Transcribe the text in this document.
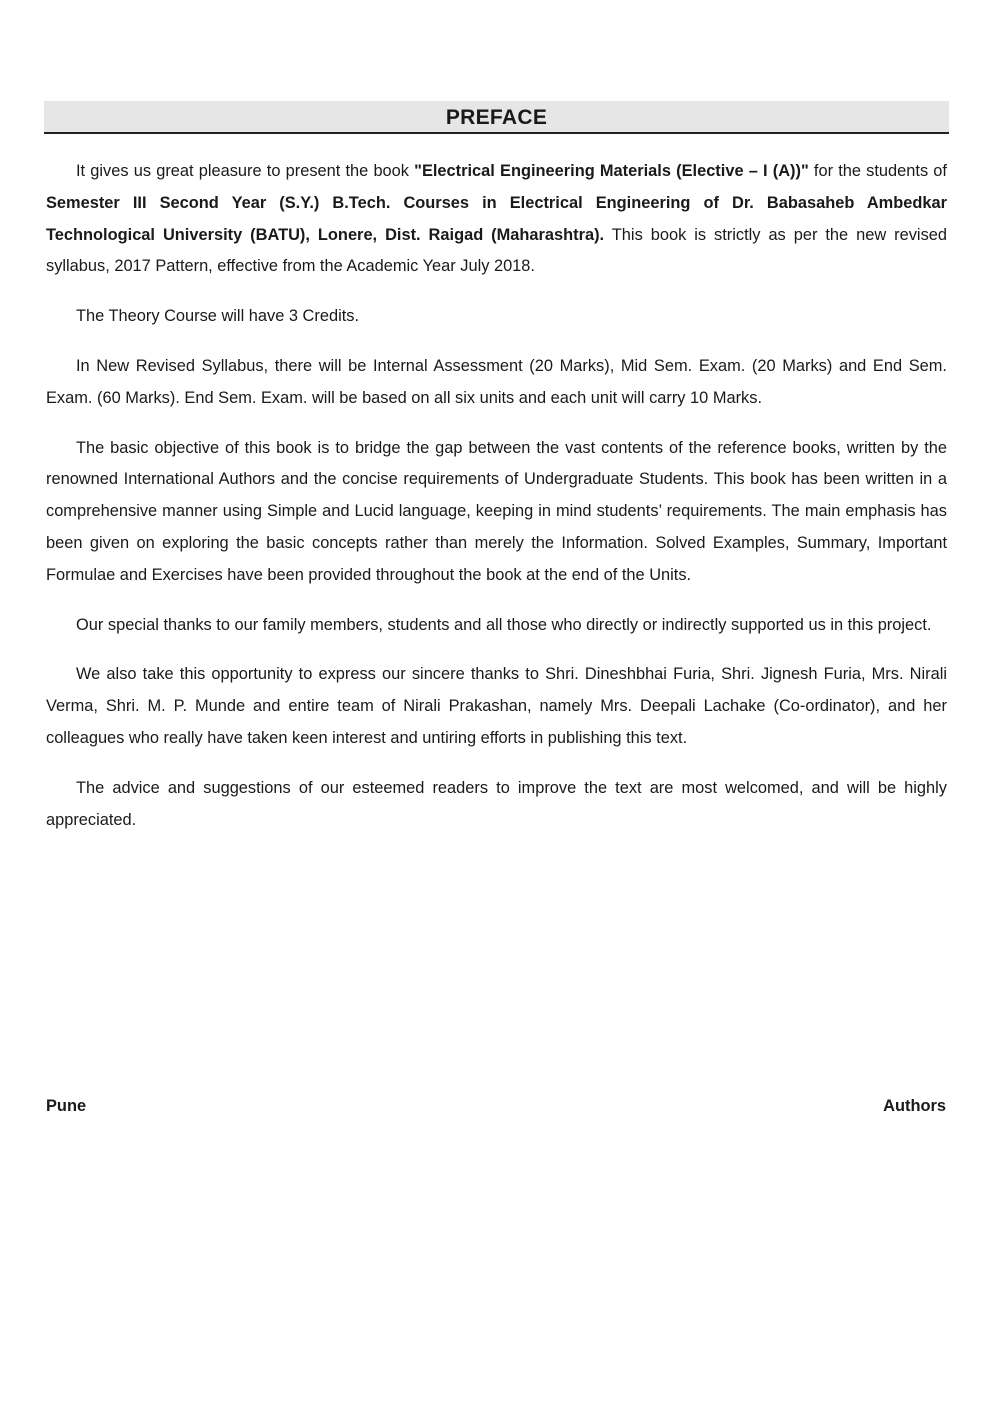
PREFACE

It gives us great pleasure to present the book "Electrical Engineering Materials (Elective – I (A))" for the students of Semester III Second Year (S.Y.) B.Tech. Courses in Electrical Engineering of Dr. Babasaheb Ambedkar Technological University (BATU), Lonere, Dist. Raigad (Maharashtra). This book is strictly as per the new revised syllabus, 2017 Pattern, effective from the Academic Year July 2018.

The Theory Course will have 3 Credits.

In New Revised Syllabus, there will be Internal Assessment (20 Marks), Mid Sem. Exam. (20 Marks) and End Sem. Exam. (60 Marks). End Sem. Exam. will be based on all six units and each unit will carry 10 Marks.

The basic objective of this book is to bridge the gap between the vast contents of the reference books, written by the renowned International Authors and the concise requirements of Undergraduate Students. This book has been written in a comprehensive manner using Simple and Lucid language, keeping in mind students’ requirements. The main emphasis has been given on exploring the basic concepts rather than merely the Information. Solved Examples, Summary, Important Formulae and Exercises have been provided throughout the book at the end of the Units.

Our special thanks to our family members, students and all those who directly or indirectly supported us in this project.

We also take this opportunity to express our sincere thanks to Shri. Dineshbhai Furia, Shri. Jignesh Furia, Mrs. Nirali Verma, Shri. M. P. Munde and entire team of Nirali Prakashan, namely Mrs. Deepali Lachake (Co-ordinator), and her colleagues who really have taken keen interest and untiring efforts in publishing this text.

The advice and suggestions of our esteemed readers to improve the text are most welcomed, and will be highly appreciated.

Pune	Authors
